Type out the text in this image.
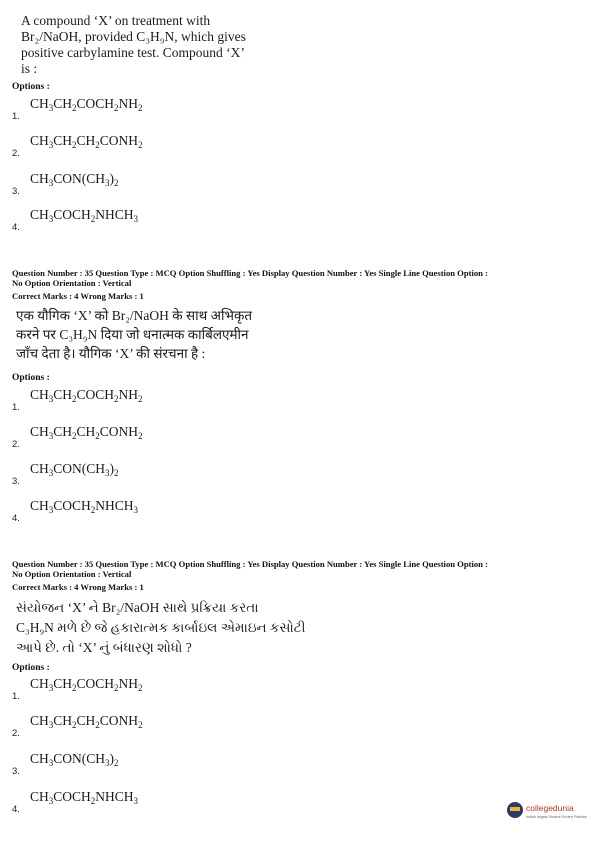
A compound ‘X’ on treatment with
Br₂/NaOH, provided C₃H₉N, which gives
positive carbylamine test. Compound ‘X’
is :
Options :
1.
$CH_3CH_2COCH_2NH_2$
2.
$CH_3CH_2CH_2CONH_2$
3.
$CH_3CON(CH_3)_2$
4.
$CH_3COCH_2NHCH_3$
Question Number : 35 Question Type : MCQ Option Shuffling : Yes Display Question Number : Yes Single Line Question Option :
No Option Orientation : Vertical
Correct Marks : 4 Wrong Marks : 1
एक यौगिक ‘X’ को Br₂/NaOH के साथ अभिकृत
करने पर C₃H₉N दिया जो धनात्मक कार्बिलएमीन
जाँच देता है। यौगिक ‘X’ की संरचना है :
Options :
1.
$CH_3CH_2COCH_2NH_2$
2.
$CH_3CH_2CH_2CONH_2$
3.
$CH_3CON(CH_3)_2$
4.
$CH_3COCH_2NHCH_3$
Question Number : 35 Question Type : MCQ Option Shuffling : Yes Display Question Number : Yes Single Line Question Option :
No Option Orientation : Vertical
Correct Marks : 4 Wrong Marks : 1
સંયોજન ‘X’ ને Br₂/NaOH સાથે પ્રક્રિયા કરતા
C₃H₉N મળે છે જે હકારાત્મક કાર્બાઇલ એમાઇન કસોટી
આપે છે. તો ‘X’ નું બંધારણ શોધો ?
Options :
1.
$CH_3CH_2COCH_2NH_2$
2.
$CH_3CH_2CH_2CONH_2$
3.
$CH_3CON(CH_3)_2$
4.
$CH_3COCH_2NHCH_3$
collegedunia
India's largest Student Review Platform
